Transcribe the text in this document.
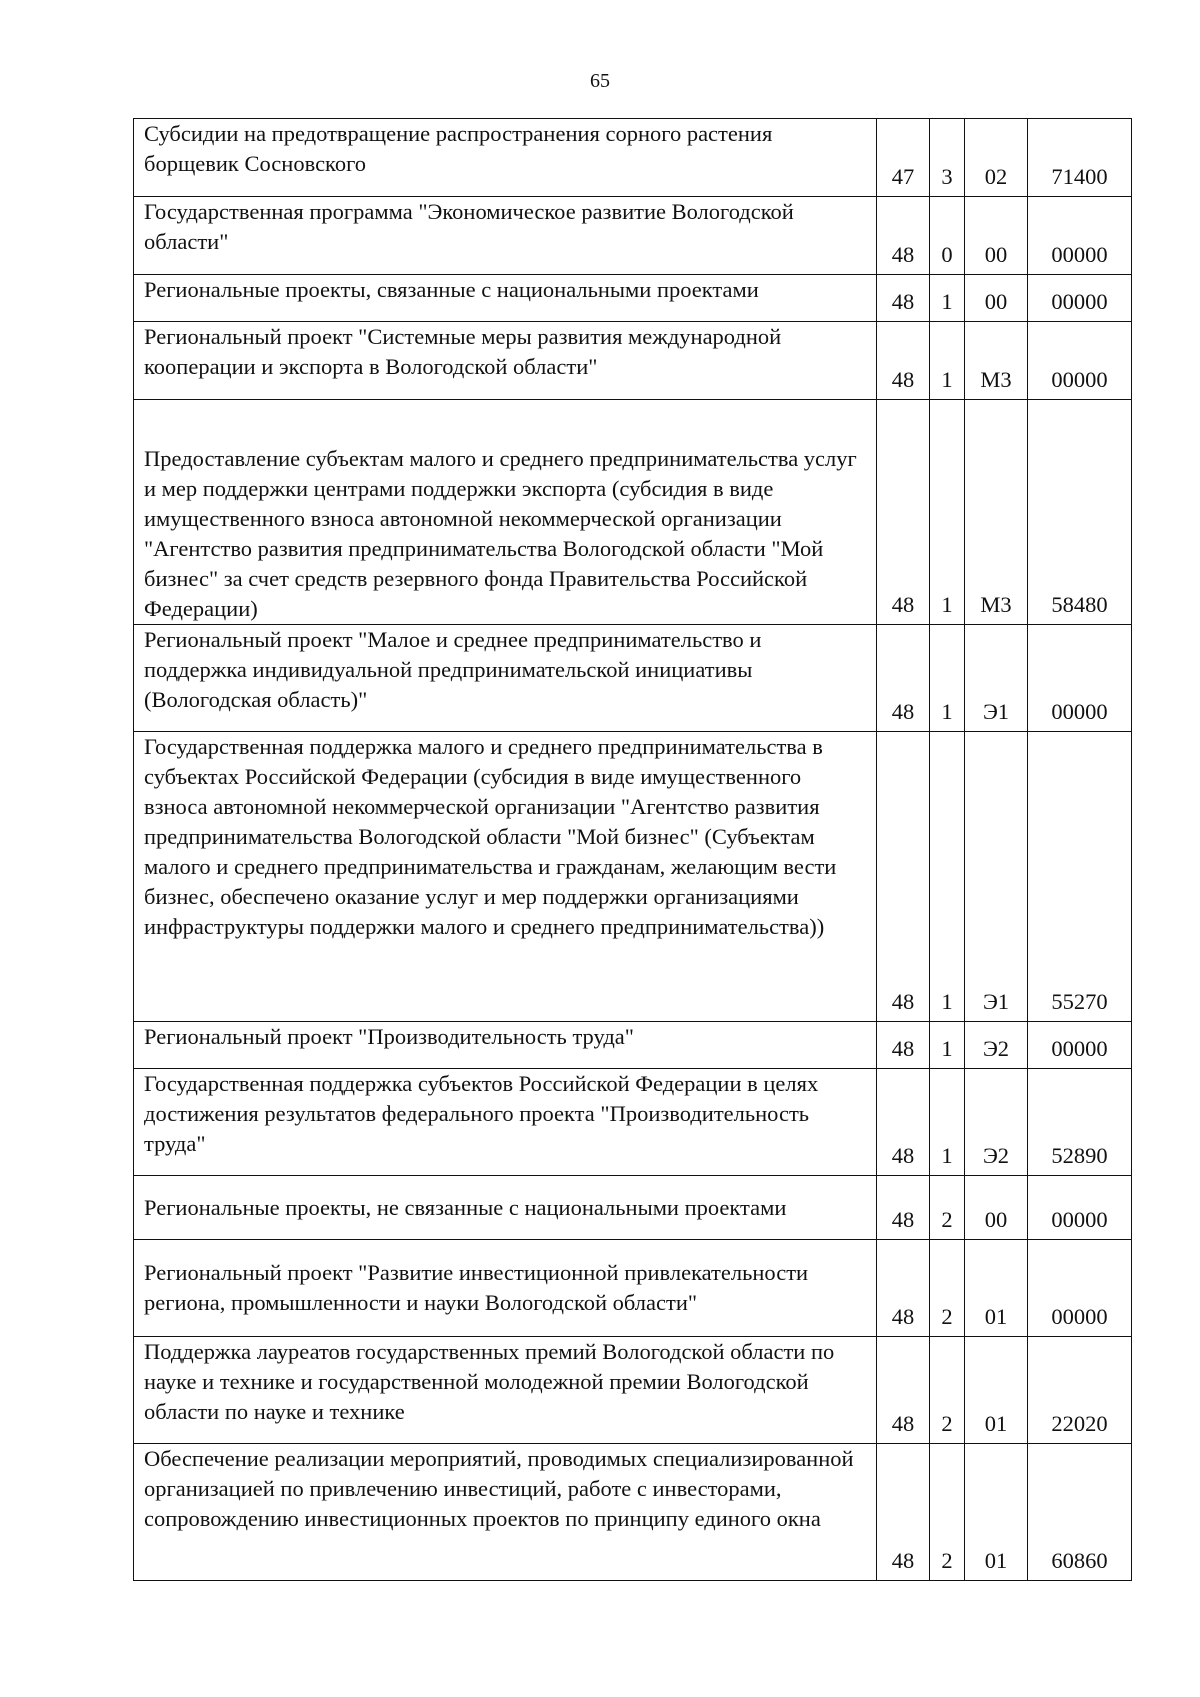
65
Субсидии на предотвращение распространения сорного растения борщевик Сосновского	47	3	02	71400

Государственная программа "Экономическое развитие Вологодской области"	48	0	00	00000

Региональные проекты, связанные с национальными проектами	48	1	00	00000

Региональный проект "Системные меры развития международной кооперации и экспорта в Вологодской области"	48	1	М3	00000

Предоставление субъектам малого и среднего предпринимательства услуг и мер поддержки центрами поддержки экспорта (субсидия в виде имущественного взноса автономной некоммерческой организации "Агентство развития предпринимательства Вологодской области "Мой бизнес" за счет средств резервного фонда Правительства Российской Федерации)	48	1	М3	58480

Региональный проект "Малое и среднее предпринимательство и поддержка индивидуальной предпринимательской инициативы (Вологодская область)"	48	1	Э1	00000

Государственная поддержка малого и среднего предпринимательства в субъектах Российской Федерации (субсидия в виде имущественного взноса автономной некоммерческой организации "Агентство развития предпринимательства Вологодской области "Мой бизнес" (Субъектам малого и среднего предпринимательства и гражданам, желающим вести бизнес, обеспечено оказание услуг и мер поддержки организациями инфраструктуры поддержки малого и среднего предпринимательства))	48	1	Э1	55270

Региональный проект "Производительность труда"	48	1	Э2	00000

Государственная поддержка субъектов Российской Федерации в целях достижения результатов федерального проекта "Производительность труда"	48	1	Э2	52890

Региональные проекты, не связанные с национальными проектами	48	2	00	00000

Региональный проект "Развитие инвестиционной привлекательности региона, промышленности и науки Вологодской области"	48	2	01	00000

Поддержка лауреатов государственных премий Вологодской области по науке и технике и государственной молодежной премии Вологодской области по науке и технике	48	2	01	22020

Обеспечение реализации мероприятий, проводимых специализированной организацией по привлечению инвестиций, работе с инвесторами, сопровождению инвестиционных проектов по принципу единого окна	48	2	01	60860
